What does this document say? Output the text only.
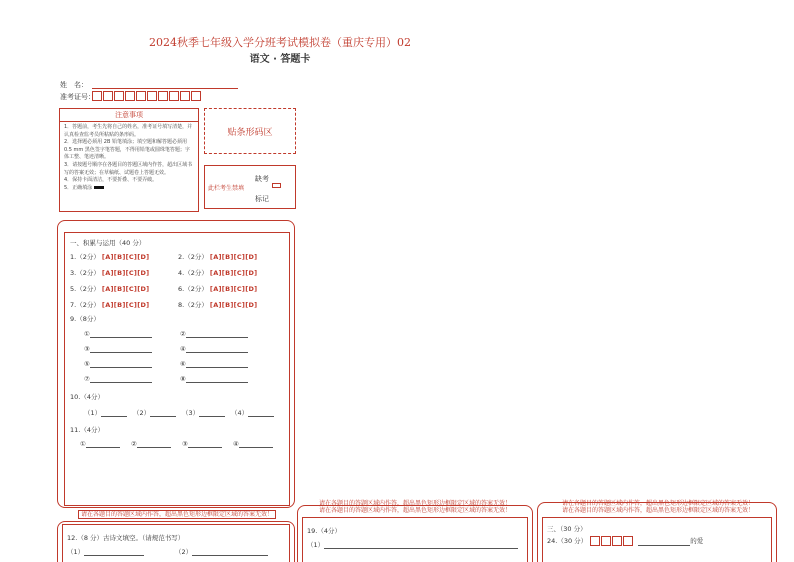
2024秋季七年级入学分班考试模拟卷（重庆专用）02
语文 · 答题卡
姓　名：
准考证号：
注意事项
1．答题前，考生先将自己的姓名，准考证号填写清楚，并认真检查监考员所粘贴的条形码。
2．选择题必须用 2B 铅笔填涂；填空题和解答题必须用 0.5 mm 黑色签字笔答题，不得用铅笔或圆珠笔答题；字体工整、笔迹清晰。
3．请按题号顺序在各题目的答题区域内作答，超出区域书写的答案无效；在草稿纸、试题卷上答题无效。
4．保持卡面清洁，不要折叠、不要弄破。
5．正确填涂
贴条形码区
缺考
此栏考生禁填
标记
一、积累与运用（40 分）
1.（2分） [A][B][C][D]	2.（2分） [A][B][C][D]
3.（2分） [A][B][C][D]	4.（2分） [A][B][C][D]
5.（2分） [A][B][C][D]	6.（2分） [A][B][C][D]
7.（2分） [A][B][C][D]	8.（2分） [A][B][C][D]
9.（8分）
①	②
③	④
⑤	⑥
⑦	⑧
10.（4分）
（1）	（2）	（3）	（4）
11.（4分）
①	②	③	④
请在各题目的答题区域内作答，超出黑色矩形边框限定区域的答案无效！
12.（8 分）古诗文填空。（请规范书写）
（1）	（2）
请在各题目的答题区域内作答，超出黑色矩形边框限定区域的答案无效！
请在各题目的答题区域内作答，超出黑色矩形边框限定区域的答案无效！
19.（4分）
（1）
请在各题目的答题区域内作答，超出黑色矩形边框限定区域的答案无效！
请在各题目的答题区域内作答，超出黑色矩形边框限定区域的答案无效！
三、（30 分）
24.（30 分）	的爱
